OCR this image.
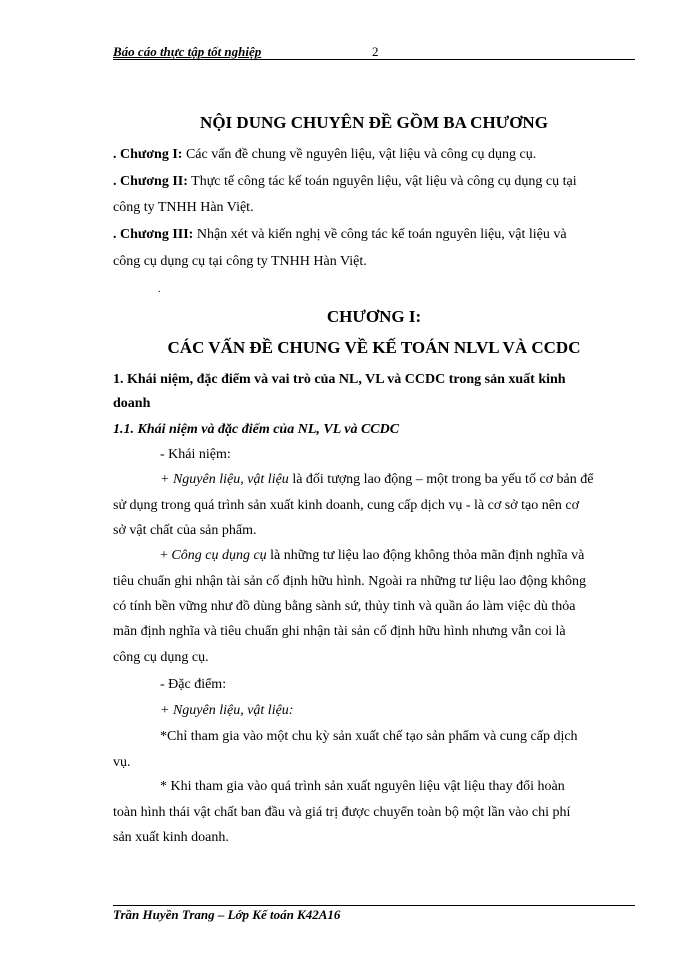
Báo cáo thực tập tốt nghiệp	2
NỘI DUNG CHUYÊN ĐỀ GỒM BA CHƯƠNG
. Chương I: Các vấn đề chung về nguyên liệu, vật liệu và công cụ dụng cụ.
. Chương II: Thực tế công tác kế toán nguyên liệu, vật liệu và công cụ dụng cụ tại
công ty TNHH Hàn Việt.
. Chương III: Nhận xét và kiến nghị về công tác kế toán nguyên liệu, vật liệu và
công cụ dụng cụ tại công ty TNHH Hàn Việt.
.
CHƯƠNG I:
CÁC VẤN ĐỀ CHUNG VỀ KẾ TOÁN NLVL VÀ CCDC
1. Khái niệm, đặc điểm và vai trò của NL, VL và CCDC trong sản xuất kinh
doanh
1.1. Khái niệm và đặc điểm của NL, VL và CCDC
- Khái niệm:
+ Nguyên liệu, vật liệu là đối tượng lao động – một trong ba yếu tố cơ bản để
sử dụng trong quá trình sản xuất kinh doanh, cung cấp dịch vụ - là cơ sở tạo nên cơ
sở vật chất của sản phẩm.
+ Công cụ dụng cụ là những tư liệu lao động không thỏa mãn định nghĩa và
tiêu chuẩn ghi nhận tài sản cố định hữu hình. Ngoài ra những tư liệu lao động không
có tính bền vững như đồ dùng bằng sành sứ, thủy tinh và quần áo làm việc dù thỏa
mãn định nghĩa và tiêu chuẩn ghi nhận tài sản cố định hữu hình nhưng vẫn coi là
công cụ dụng cụ.
- Đặc điểm:
+ Nguyên liệu, vật liệu:
*Chỉ tham gia vào một chu kỳ sản xuất chế tạo sản phẩm và cung cấp dịch
vụ.
* Khi tham gia vào quá trình sản xuất nguyên liệu vật liệu thay đổi hoàn
toàn hình thái vật chất ban đầu và giá trị được chuyển toàn bộ một lần vào chi phí
sản xuất kinh doanh.
Trần Huyền Trang – Lớp Kế toán K42A16
